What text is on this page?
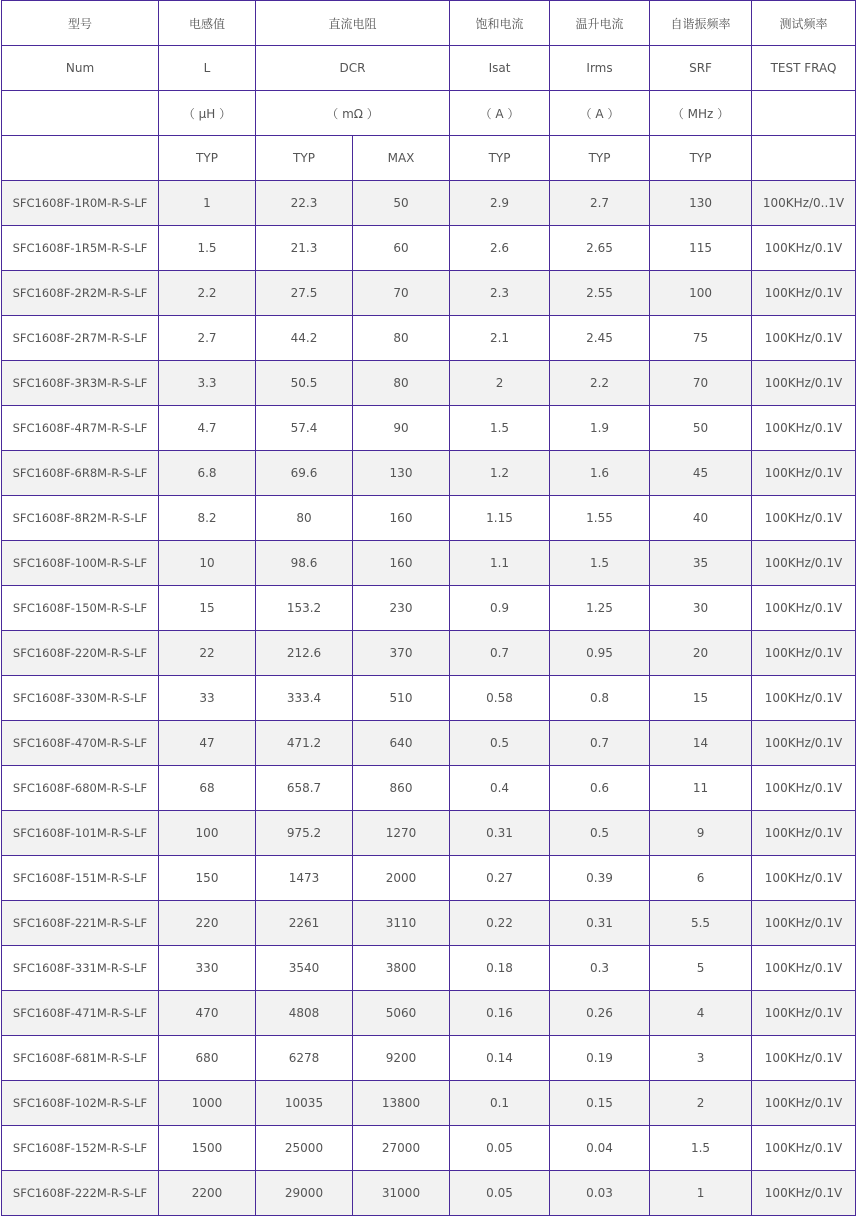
型号	电感值	直流电阻		饱和电流	温升电流	自谐振频率	测试频率
Num	L	DCR		Isat	Irms	SRF	TEST FRAQ
	（ μH ）	（ mΩ ）		（ A ）	（ A ）	（ MHz ）	
	TYP	TYP	MAX	TYP	TYP	TYP	
SFC1608F-1R0M-R-S-LF	1	22.3	50	2.9	2.7	130	100KHz/0..1V
SFC1608F-1R5M-R-S-LF	1.5	21.3	60	2.6	2.65	115	100KHz/0.1V
SFC1608F-2R2M-R-S-LF	2.2	27.5	70	2.3	2.55	100	100KHz/0.1V
SFC1608F-2R7M-R-S-LF	2.7	44.2	80	2.1	2.45	75	100KHz/0.1V
SFC1608F-3R3M-R-S-LF	3.3	50.5	80	2	2.2	70	100KHz/0.1V
SFC1608F-4R7M-R-S-LF	4.7	57.4	90	1.5	1.9	50	100KHz/0.1V
SFC1608F-6R8M-R-S-LF	6.8	69.6	130	1.2	1.6	45	100KHz/0.1V
SFC1608F-8R2M-R-S-LF	8.2	80	160	1.15	1.55	40	100KHz/0.1V
SFC1608F-100M-R-S-LF	10	98.6	160	1.1	1.5	35	100KHz/0.1V
SFC1608F-150M-R-S-LF	15	153.2	230	0.9	1.25	30	100KHz/0.1V
SFC1608F-220M-R-S-LF	22	212.6	370	0.7	0.95	20	100KHz/0.1V
SFC1608F-330M-R-S-LF	33	333.4	510	0.58	0.8	15	100KHz/0.1V
SFC1608F-470M-R-S-LF	47	471.2	640	0.5	0.7	14	100KHz/0.1V
SFC1608F-680M-R-S-LF	68	658.7	860	0.4	0.6	11	100KHz/0.1V
SFC1608F-101M-R-S-LF	100	975.2	1270	0.31	0.5	9	100KHz/0.1V
SFC1608F-151M-R-S-LF	150	1473	2000	0.27	0.39	6	100KHz/0.1V
SFC1608F-221M-R-S-LF	220	2261	3110	0.22	0.31	5.5	100KHz/0.1V
SFC1608F-331M-R-S-LF	330	3540	3800	0.18	0.3	5	100KHz/0.1V
SFC1608F-471M-R-S-LF	470	4808	5060	0.16	0.26	4	100KHz/0.1V
SFC1608F-681M-R-S-LF	680	6278	9200	0.14	0.19	3	100KHz/0.1V
SFC1608F-102M-R-S-LF	1000	10035	13800	0.1	0.15	2	100KHz/0.1V
SFC1608F-152M-R-S-LF	1500	25000	27000	0.05	0.04	1.5	100KHz/0.1V
SFC1608F-222M-R-S-LF	2200	29000	31000	0.05	0.03	1	100KHz/0.1V
